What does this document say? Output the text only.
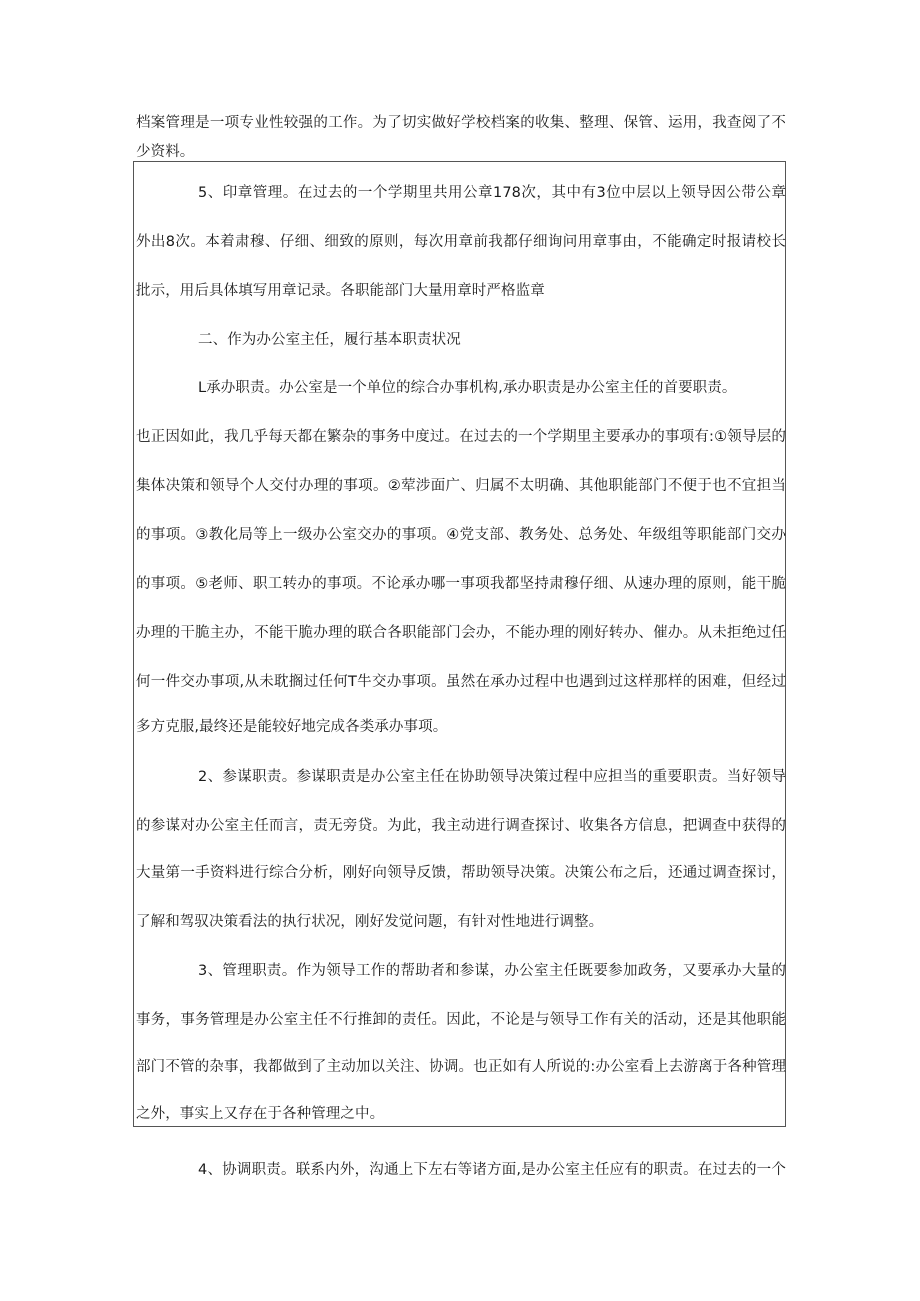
档案管理是一项专业性较强的工作。为了切实做好学校档案的收集、整理、保管、运用，我查阅了不
少资料。
5、印章管理。在过去的一个学期里共用公章178次，其中有3位中层以上领导因公带公章
外出8次。本着肃穆、仔细、细致的原则，每次用章前我都仔细询问用章事由，不能确定时报请校长
批示，用后具体填写用章记录。各职能部门大量用章时严格监章
二、作为办公室主任，履行基本职责状况
L承办职责。办公室是一个单位的综合办事机构,承办职责是办公室主任的首要职责。
也正因如此，我几乎每天都在繁杂的事务中度过。在过去的一个学期里主要承办的事项有:①领导层的
集体决策和领导个人交付办理的事项。②荤涉面广、归属不太明确、其他职能部门不便于也不宜担当
的事项。③教化局等上一级办公室交办的事项。④党支部、教务处、总务处、年级组等职能部门交办
的事项。⑤老师、职工转办的事项。不论承办哪一事项我都坚持肃穆仔细、从速办理的原则，能干脆
办理的干脆主办，不能干脆办理的联合各职能部门会办，不能办理的刚好转办、催办。从未拒绝过任
何一件交办事项,从未耽搁过任何T牛交办事项。虽然在承办过程中也遇到过这样那样的困难，但经过
多方克服,最终还是能较好地完成各类承办事项。
2、参谋职责。参谋职责是办公室主任在协助领导决策过程中应担当的重要职责。当好领导
的参谋对办公室主任而言，责无旁贷。为此，我主动进行调查探讨、收集各方信息，把调查中获得的
大量第一手资料进行综合分析，刚好向领导反馈，帮助领导决策。决策公布之后，还通过调查探讨，
了解和驾驭决策看法的执行状况，刚好发觉问题，有针对性地进行调整。
3、管理职责。作为领导工作的帮助者和参谋，办公室主任既要参加政务，又要承办大量的
事务，事务管理是办公室主任不行推卸的责任。因此，不论是与领导工作有关的活动，还是其他职能
部门不管的杂事，我都做到了主动加以关注、协调。也正如有人所说的:办公室看上去游离于各种管理
之外，事实上又存在于各种管理之中。
4、协调职责。联系内外，沟通上下左右等诸方面,是办公室主任应有的职责。在过去的一个
